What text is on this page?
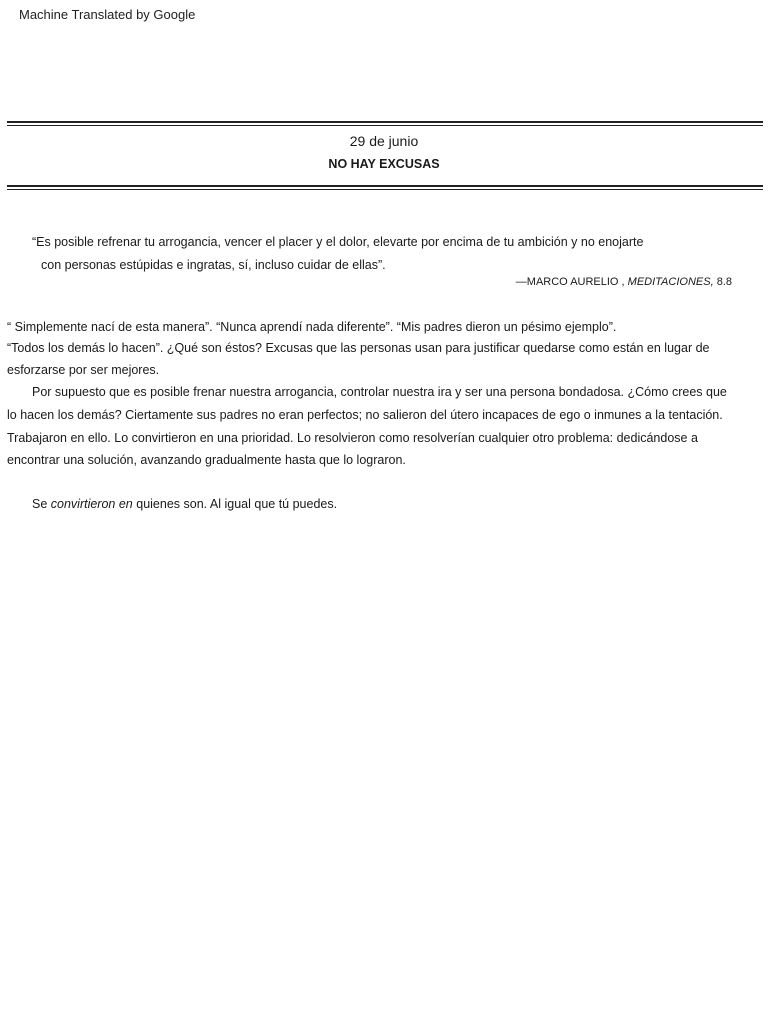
Machine Translated by Google
29 de junio
NO HAY EXCUSAS
“Es posible refrenar tu arrogancia, vencer el placer y el dolor, elevarte por encima de tu ambición y no enojarte
con personas estúpidas e ingratas, sí, incluso cuidar de ellas”.
—MARCO AURELIO , MEDITACIONES, 8.8
“ Simplemente nací de esta manera”. “Nunca aprendí nada diferente”. “Mis padres dieron un pésimo ejemplo”.
“Todos los demás lo hacen”. ¿Qué son éstos? Excusas que las personas usan para justificar quedarse como están en lugar de
esforzarse por ser mejores.
Por supuesto que es posible frenar nuestra arrogancia, controlar nuestra ira y ser una persona bondadosa. ¿Cómo crees que
lo hacen los demás? Ciertamente sus padres no eran perfectos; no salieron del útero incapaces de ego o inmunes a la tentación.
Trabajaron en ello. Lo convirtieron en una prioridad. Lo resolvieron como resolverían cualquier otro problema: dedicándose a
encontrar una solución, avanzando gradualmente hasta que lo lograron.
Se convirtieron en quienes son. Al igual que tú puedes.
